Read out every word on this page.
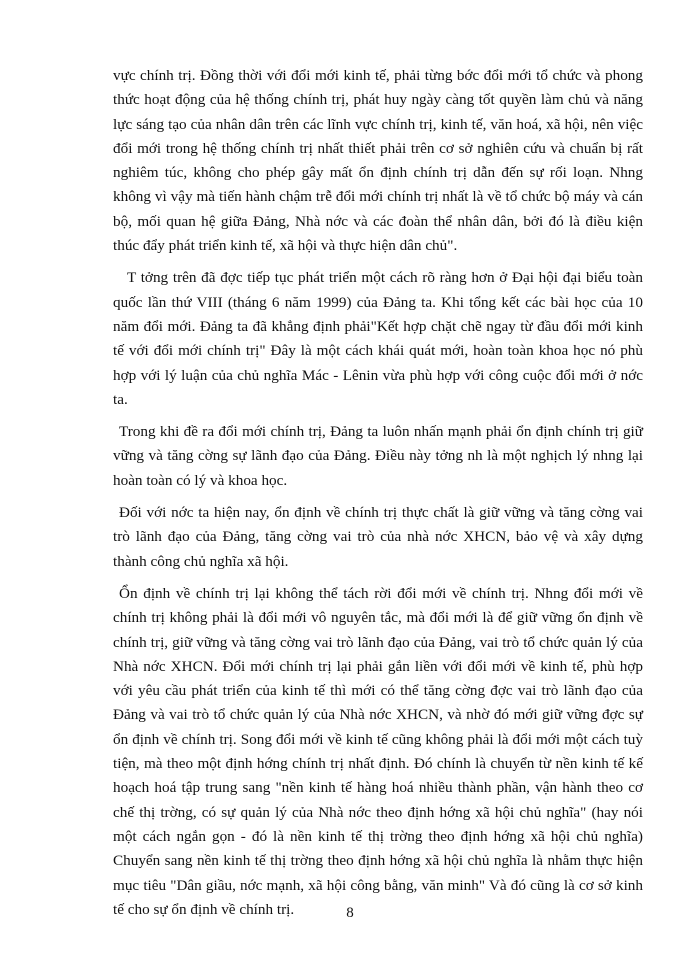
vực chính trị. Đồng thời với đổi mới kinh tế, phải từng bớc đổi mới tổ chức và phong thức hoạt động của hệ thống chính trị, phát huy ngày càng tốt quyền làm chủ và năng lực sáng tạo của nhân dân trên các lĩnh vực chính trị, kinh tế, văn hoá, xã hội, nên việc đổi mới trong hệ thống chính trị nhất thiết phải trên cơ sở nghiên cứu và chuẩn bị rất nghiêm túc, không cho phép gây mất ổn định chính trị dẫn đến sự rối loạn. Nhng không vì vậy mà tiến hành chậm trễ đổi mới chính trị nhất là về tổ chức bộ máy và cán bộ, mối quan hệ giữa Đảng, Nhà nớc và các đoàn thể nhân dân, bởi đó là điều kiện thúc đẩy phát triển kinh tế, xã hội và thực hiện dân chủ".

T tởng trên đã đợc tiếp tục phát triển một cách rõ ràng hơn ở Đại hội đại biểu toàn quốc lần thứ VIII (tháng 6 năm 1999) của Đảng ta. Khi tổng kết các bài học của 10 năm đổi mới. Đảng ta đã khẳng định phải"Kết hợp chặt chẽ ngay từ đầu đổi mới kinh tế với đổi mới chính trị" Đây là một cách khái quát mới, hoàn toàn khoa học nó phù hợp với lý luận của chủ nghĩa Mác - Lênin vừa phù hợp với công cuộc đổi mới ở nớc ta.

Trong khi đề ra đổi mới chính trị, Đảng ta luôn nhấn mạnh phải ổn định chính trị giữ vững và tăng cờng sự lãnh đạo của Đảng. Điều này tởng nh là một nghịch lý nhng lại hoàn toàn có lý và khoa học.

Đối với nớc ta hiện nay, ổn định về chính trị thực chất là giữ vững và tăng cờng vai trò lãnh đạo của Đảng, tăng cờng vai trò của nhà nớc XHCN, bảo vệ và xây dựng thành công chủ nghĩa xã hội.

Ổn định về chính trị lại không thể tách rời đổi mới về chính trị. Nhng đổi mới về chính trị không phải là đổi mới vô nguyên tắc, mà đổi mới là để giữ vững ổn định về chính trị, giữ vững và tăng cờng vai trò lãnh đạo của Đảng, vai trò tổ chức quản lý của Nhà nớc XHCN. Đổi mới chính trị lại phải gắn liền với đổi mới về kinh tế, phù hợp với yêu cầu phát triển của kinh tế thì mới có thể tăng cờng đợc vai trò lãnh đạo của Đảng và vai trò tổ chức quản lý của Nhà nớc XHCN, và nhờ đó mới giữ vững đợc sự ổn định về chính trị. Song đổi mới về kinh tế cũng không phải là đổi mới một cách tuỳ tiện, mà theo một định hớng chính trị nhất định. Đó chính là chuyển từ nền kinh tế kế hoạch hoá tập trung sang "nền kinh tế hàng hoá nhiều thành phần, vận hành theo cơ chế thị trờng, có sự quản lý của Nhà nớc theo định hớng xã hội chủ nghĩa" (hay nói một cách ngắn gọn - đó là nền kinh tế thị trờng theo định hớng xã hội chủ nghĩa) Chuyển sang nền kinh tế thị trờng theo định hớng xã hội chủ nghĩa là nhằm thực hiện mục tiêu "Dân giầu, nớc mạnh, xã hội công bằng, văn minh" Và đó cũng là cơ sở kinh tế cho sự ổn định về chính trị.	8
